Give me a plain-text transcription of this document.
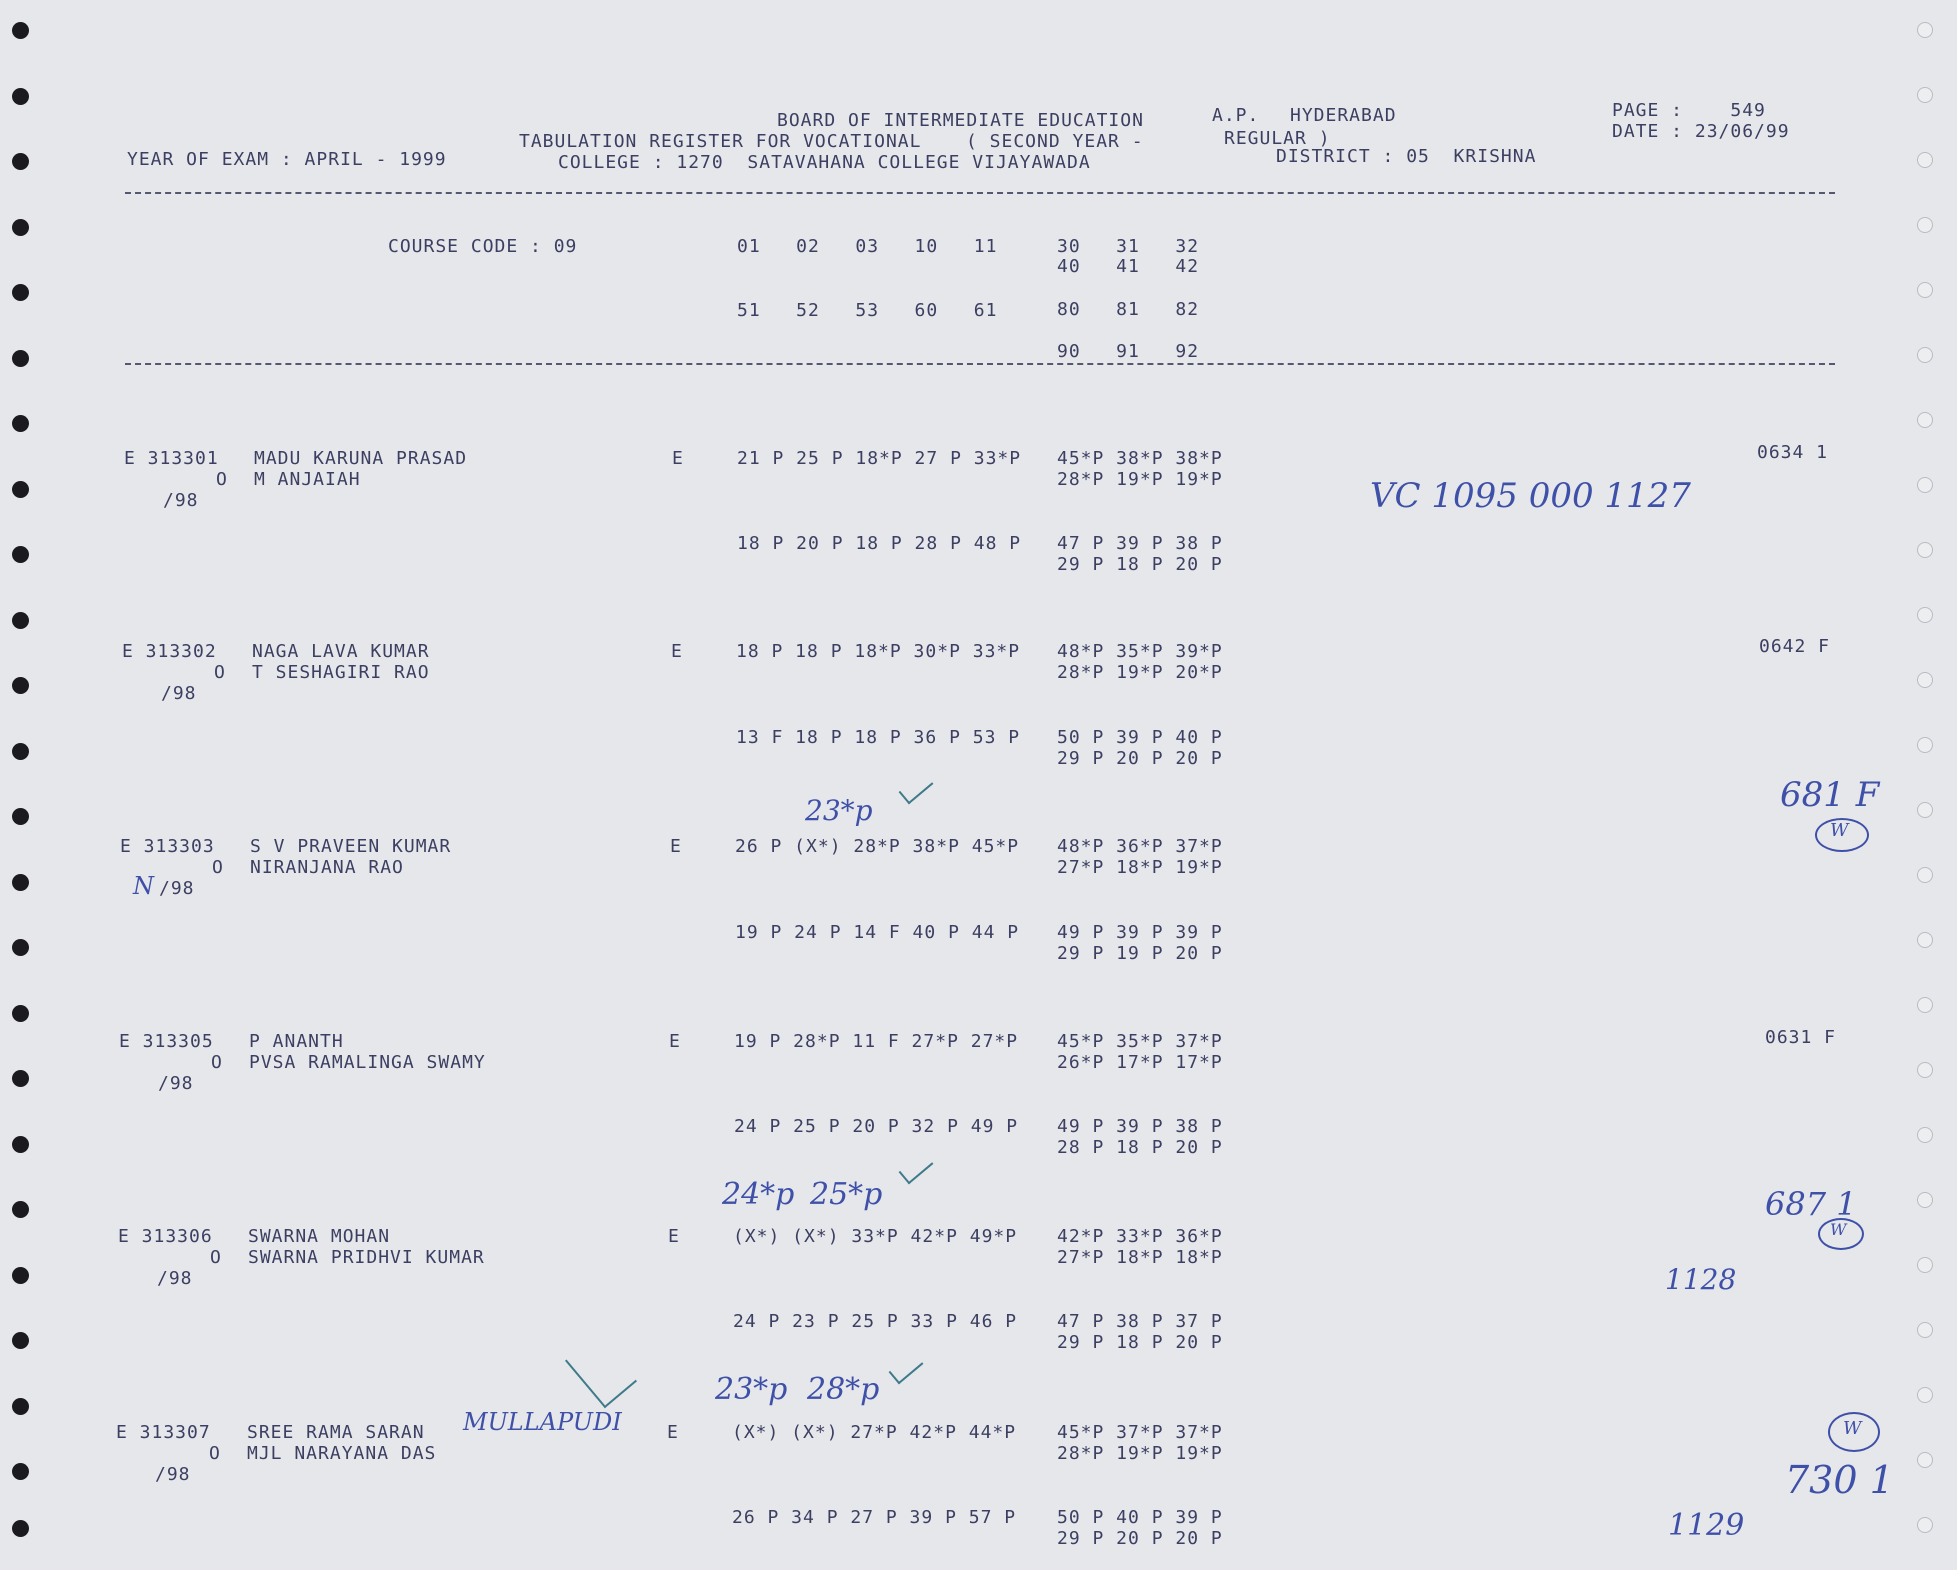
BOARD OF INTERMEDIATE EDUCATION	A.P. HYDERABAD
TABULATION REGISTER FOR VOCATIONAL ( SECOND YEAR -	REGULAR )
YEAR OF EXAM : APRIL - 1999	COLLEGE : 1270  SATAVAHANA COLLEGE VIJAYAWADA	DISTRICT : 05  KRISHNA
PAGE :    549
DATE : 23/06/99
COURSE CODE : 09	01   02   03   10   11	30   31   32
40   41   42
51   52   53   60   61	80   81   82
90   91   92
E 313301 MADU KARUNA PRASAD
O M ANJAIAH
/98
E	21 P 25 P 18*P 27 P 33*P 45*P 38*P 38*P
28*P 19*P 19*P
18 P 20 P 18 P 28 P 48 P 47 P 39 P 38 P
29 P 18 P 20 P
0634 1
E 313302 NAGA LAVA KUMAR
O T SESHAGIRI RAO
/98
E	18 P 18 P 18*P 30*P 33*P 48*P 35*P 39*P
28*P 19*P 20*P
13 F 18 P 18 P 36 P 53 P 50 P 39 P 40 P
29 P 20 P 20 P
0642 F
E 313303 S V PRAVEEN KUMAR
O NIRANJANA RAO
/98
E	26 P (X*) 28*P 38*P 45*P 48*P 36*P 37*P
27*P 18*P 19*P
19 P 24 P 14 F 40 P 44 P 49 P 39 P 39 P
29 P 19 P 20 P
E 313305 P ANANTH
O PVSA RAMALINGA SWAMY
/98
E	19 P 28*P 11 F 27*P 27*P 45*P 35*P 37*P
26*P 17*P 17*P
24 P 25 P 20 P 32 P 49 P 49 P 39 P 38 P
28 P 18 P 20 P
0631 F
E 313306 SWARNA MOHAN
O SWARNA PRIDHVI KUMAR
/98
E	(X*) (X*) 33*P 42*P 49*P 42*P 33*P 36*P
27*P 18*P 18*P
24 P 23 P 25 P 33 P 46 P 47 P 38 P 37 P
29 P 18 P 20 P
E 313307 SREE RAMA SARAN
O MJL NARAYANA DAS
/98
E	(X*) (X*) 27*P 42*P 44*P 45*P 37*P 37*P
28*P 19*P 19*P
26 P 34 P 27 P 39 P 57 P 50 P 40 P 39 P
29 P 20 P 20 P
VC 1095 000 1127
23*p
N
681 F
W
24*p 25*p	687 1
W
1128
MULLAPUDI
23*p 28*p
W
730 1
1129
